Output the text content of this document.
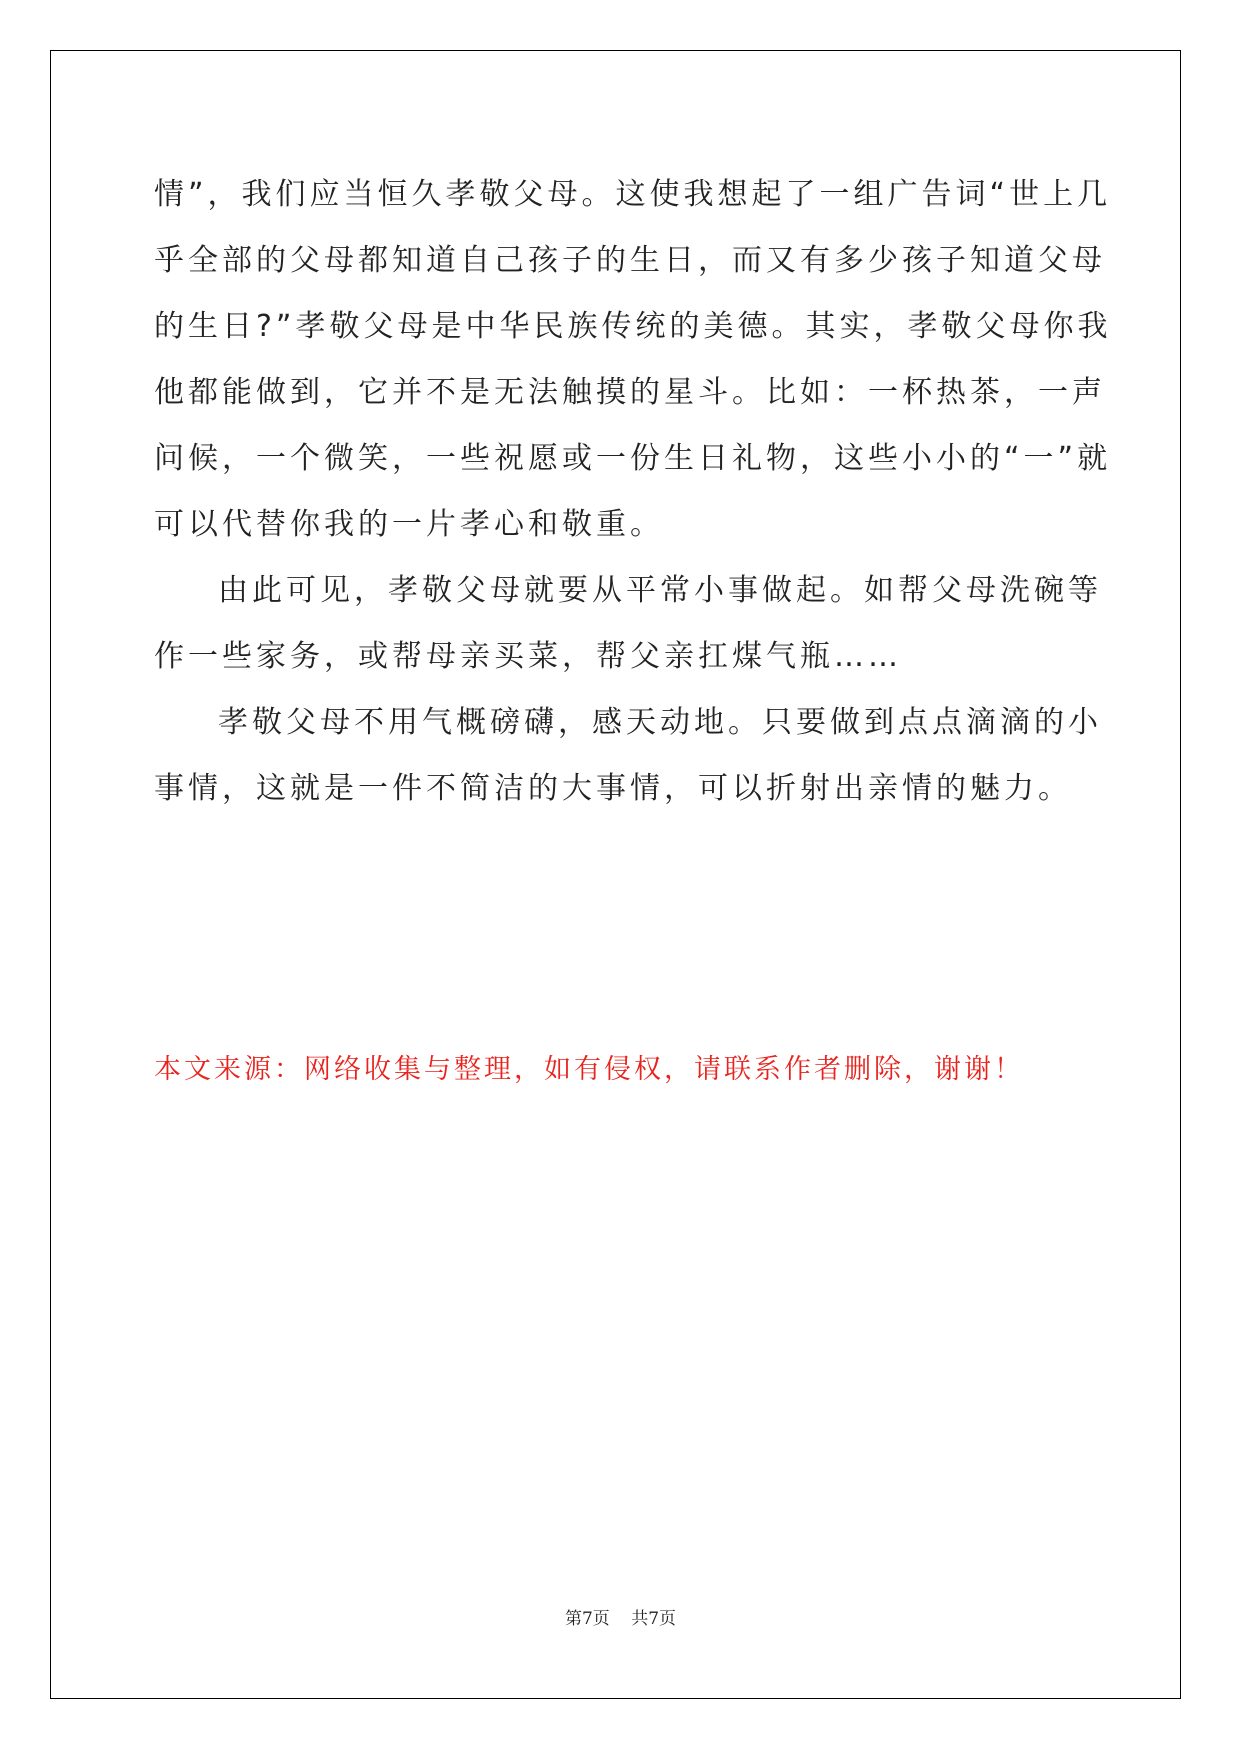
情”，我们应当恒久孝敬父母。这使我想起了一组广告词“世上几乎全部的父母都知道自己孩子的生日，而又有多少孩子知道父母的生日?”孝敬父母是中华民族传统的美德。其实，孝敬父母你我他都能做到，它并不是无法触摸的星斗。比如：一杯热茶，一声问候，一个微笑，一些祝愿或一份生日礼物，这些小小的“一”就可以代替你我的一片孝心和敬重。

由此可见，孝敬父母就要从平常小事做起。如帮父母洗碗等作一些家务，或帮母亲买菜，帮父亲扛煤气瓶……

孝敬父母不用气概磅礴，感天动地。只要做到点点滴滴的小事情，这就是一件不简洁的大事情，可以折射出亲情的魅力。

本文来源：网络收集与整理，如有侵权，请联系作者删除，谢谢！
第7页 共7页
